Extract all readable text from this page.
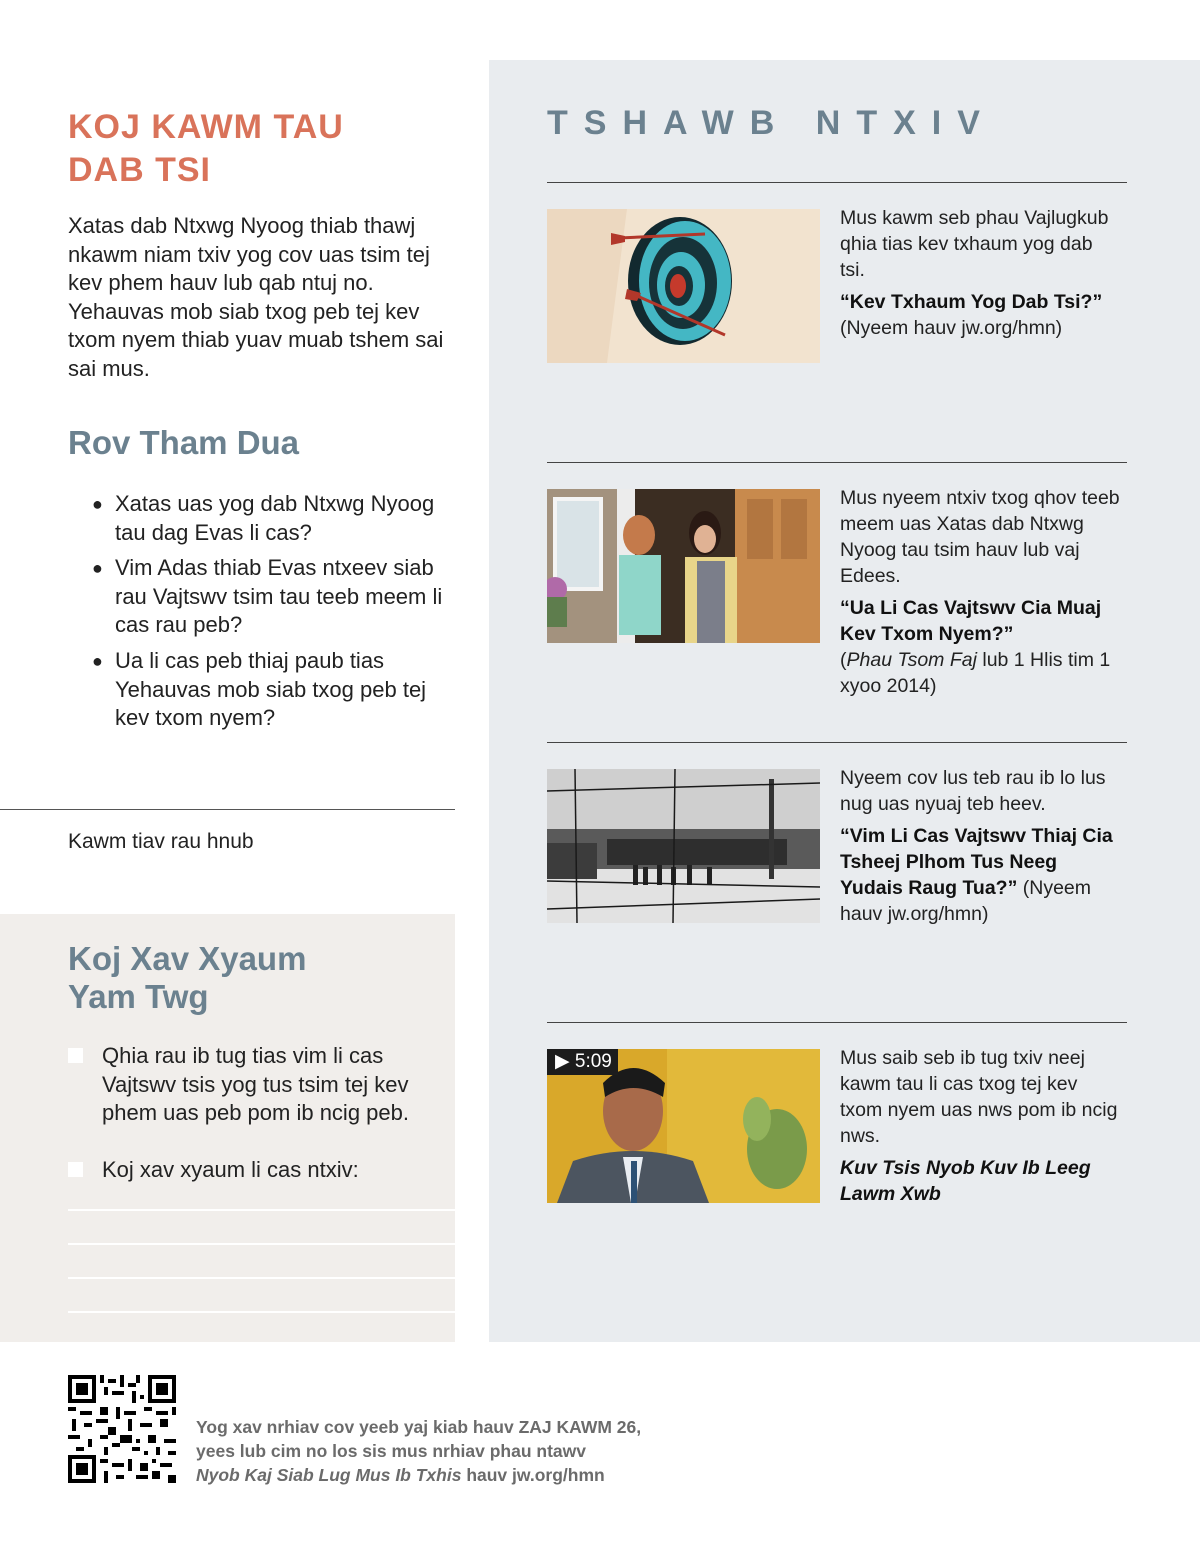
KOJ KAWM TAU
DAB TSI

Xatas dab Ntxwg Nyoog thiab thawj nkawm niam txiv yog cov uas tsim tej kev phem hauv lub qab ntuj no. Yehauvas mob siab txog peb tej kev txom nyem thiab yuav muab tshem sai sai mus.

Rov Tham Dua
● Xatas uas yog dab Ntxwg Nyoog tau dag Evas li cas?
● Vim Adas thiab Evas ntxeev siab rau Vajtswv tsim tau teeb meem li cas rau peb?
● Ua li cas peb thiaj paub tias Yehauvas mob siab txog peb tej kev txom nyem?
Kawm tiav rau hnub
Koj Xav Xyaum
Yam Twg
Qhia rau ib tug tias vim li cas Vajtswv tsis yog tus tsim tej kev phem uas peb pom ib ncig peb.
Koj xav xyaum li cas ntxiv:
TSHAWB NTXIV

Mus kawm seb phau Vajlugkub qhia tias kev txhaum yog dab tsi.

“Kev Txhaum Yog Dab Tsi?”

(Nyeem hauv jw.org/hmn)

Mus nyeem ntxiv txog qhov teeb meem uas Xatas dab Ntxwg Nyoog tau tsim hauv lub vaj Edees.

“Ua Li Cas Vajtswv Cia Muaj Kev Txom Nyem?”

(Phau Tsom Faj lub 1 Hlis tim 1 xyoo 2014)

Nyeem cov lus teb rau ib lo lus nug uas nyuaj teb heev.

“Vim Li Cas Vajtswv Thiaj Cia Tsheej Plhom Tus Neeg Yudais Raug Tua?” (Nyeem hauv jw.org/hmn)

▶ 5:09	Mus saib seb ib tug txiv neej kawm tau li cas txog tej kev txom nyem uas nws pom ib ncig nws.

Kuv Tsis Nyob Kuv Ib Leeg Lawm Xwb

Yog xav nrhiav cov yeeb yaj kiab hauv ZAJ KAWM 26,
yees lub cim no los sis mus nrhiav phau ntawv
Nyob Kaj Siab Lug Mus Ib Txhis hauv jw.org/hmn
